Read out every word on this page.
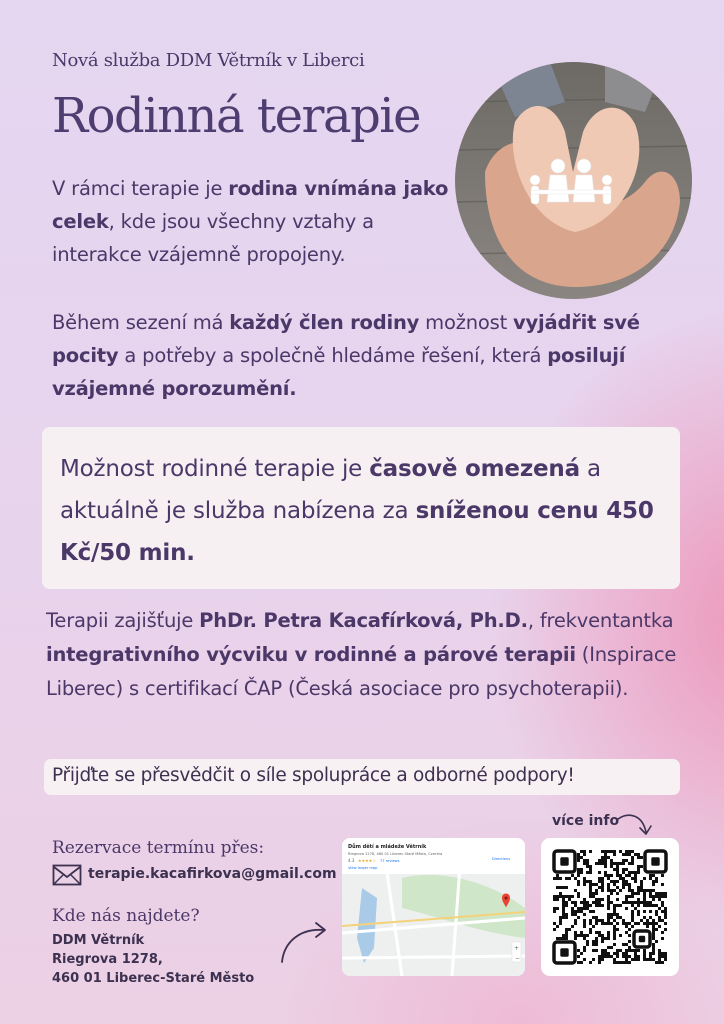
Nová služba DDM Větrník v Liberci
Rodinná terapie
V rámci terapie je rodina vnímána jako celek, kde jsou všechny vztahy a interakce vzájemně propojeny.
Během sezení má každý člen rodiny možnost vyjádřit své pocity a potřeby a společně hledáme řešení, která posilují vzájemné porozumění.
Možnost rodinné terapie je časově omezená a aktuálně je služba nabízena za sníženou cenu 450 Kč/50 min.
Terapii zajišťuje PhDr. Petra Kacafírková, Ph.D., frekventantka integrativního výcviku v rodinné a párové terapii (Inspirace Liberec) s certifikací ČAP (Česká asociace pro psychoterapii).
Přijďte se přesvědčit o síle spolupráce a odborné podpory!
Rezervace termínu přes:
terapie.kacafirkova@gmail.com
Kde nás najdete?
DDM Větrník
Riegrova 1278,
460 01 Liberec-Staré Město
Dům dětí a mládeže Větrník
Riegrova 1278, 460 01 Liberec-Staré Město, Czechia
4.3 ★★★★☆ 77 reviews
View larger map
Directions
+
−
více info
